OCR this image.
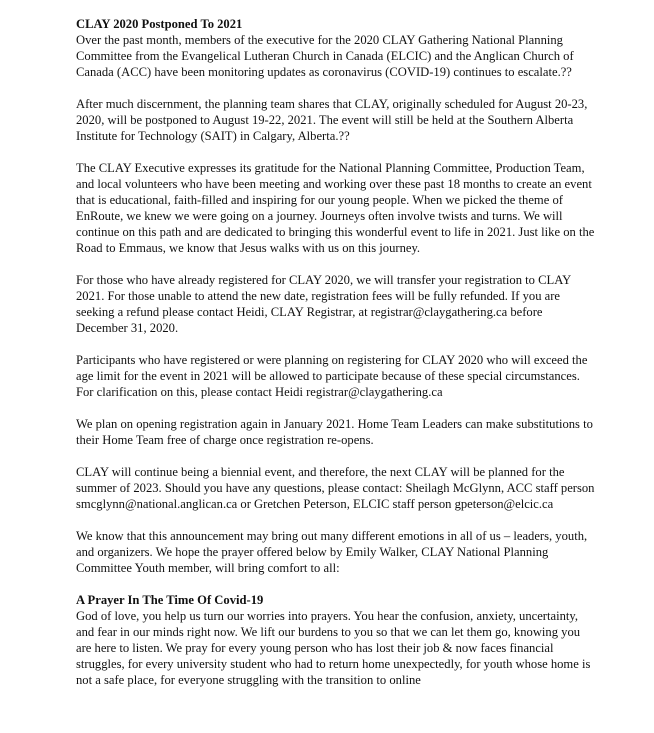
CLAY 2020 Postponed To 2021

Over the past month, members of the executive for the 2020 CLAY Gathering National Planning Committee from the Evangelical Lutheran Church in Canada (ELCIC) and the Anglican Church of Canada (ACC) have been monitoring updates as coronavirus (COVID-19) continues to escalate.??

After much discernment, the planning team shares that CLAY, originally scheduled for August 20-23, 2020, will be postponed to August 19-22, 2021. The event will still be held at the Southern Alberta Institute for Technology (SAIT) in Calgary, Alberta.??

The CLAY Executive expresses its gratitude for the National Planning Committee, Production Team, and local volunteers who have been meeting and working over these past 18 months to create an event that is educational, faith-filled and inspiring for our young people. When we picked the theme of EnRoute, we knew we were going on a journey. Journeys often involve twists and turns. We will continue on this path and are dedicated to bringing this wonderful event to life in 2021. Just like on the Road to Emmaus, we know that Jesus walks with us on this journey.

For those who have already registered for CLAY 2020, we will transfer your registration to CLAY 2021. For those unable to attend the new date, registration fees will be fully refunded. If you are seeking a refund please contact Heidi, CLAY Registrar, at registrar@claygathering.ca before December 31, 2020.

Participants who have registered or were planning on registering for CLAY 2020 who will exceed the age limit for the event in 2021 will be allowed to participate because of these special circumstances. For clarification on this, please contact Heidi registrar@claygathering.ca

We plan on opening registration again in January 2021. Home Team Leaders can make substitutions to their Home Team free of charge once registration re-opens.

CLAY will continue being a biennial event, and therefore, the next CLAY will be planned for the summer of 2023. Should you have any questions, please contact: Sheilagh McGlynn, ACC staff person smcglynn@national.anglican.ca or Gretchen Peterson, ELCIC staff person gpeterson@elcic.ca

We know that this announcement may bring out many different emotions in all of us – leaders, youth, and organizers. We hope the prayer offered below by Emily Walker, CLAY National Planning Committee Youth member, will bring comfort to all:

A Prayer In The Time Of Covid-19

God of love, you help us turn our worries into prayers. You hear the confusion, anxiety, uncertainty, and fear in our minds right now. We lift our burdens to you so that we can let them go, knowing you are here to listen. We pray for every young person who has lost their job & now faces financial struggles, for every university student who had to return home unexpectedly, for youth whose home is not a safe place, for everyone struggling with the transition to online
